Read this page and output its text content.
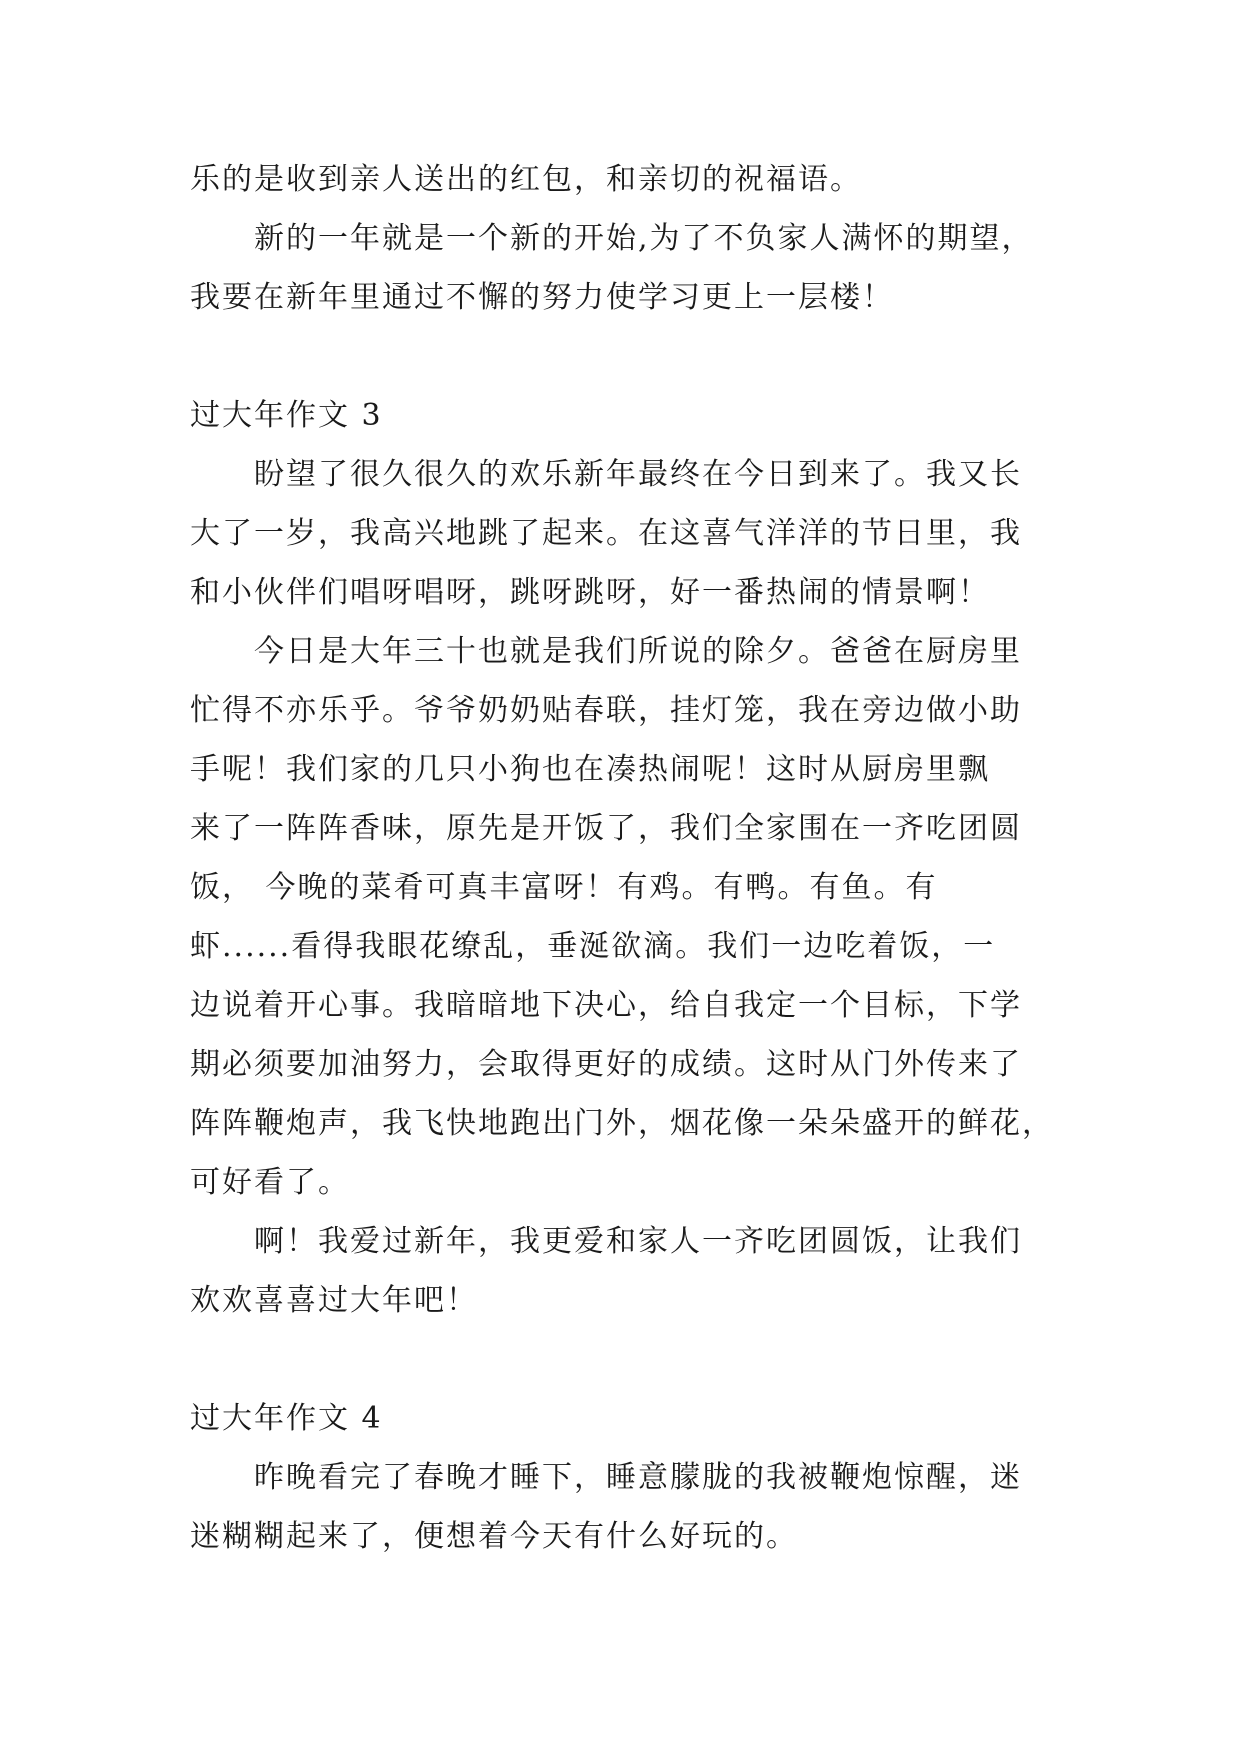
乐的是收到亲人送出的红包，和亲切的祝福语。

新的一年就是一个新的开始,为了不负家人满怀的期望，

我要在新年里通过不懈的努力使学习更上一层楼！

过大年作文 3

盼望了很久很久的欢乐新年最终在今日到来了。我又长

大了一岁，我高兴地跳了起来。在这喜气洋洋的节日里，我

和小伙伴们唱呀唱呀，跳呀跳呀，好一番热闹的情景啊！

今日是大年三十也就是我们所说的除夕。爸爸在厨房里

忙得不亦乐乎。爷爷奶奶贴春联，挂灯笼，我在旁边做小助

手呢！我们家的几只小狗也在凑热闹呢！这时从厨房里飘

来了一阵阵香味，原先是开饭了，我们全家围在一齐吃团圆

饭， 今晚的菜肴可真丰富呀！有鸡。有鸭。有鱼。有

虾......看得我眼花缭乱，垂涎欲滴。我们一边吃着饭，一

边说着开心事。我暗暗地下决心，给自我定一个目标，下学

期必须要加油努力，会取得更好的成绩。这时从门外传来了

阵阵鞭炮声，我飞快地跑出门外，烟花像一朵朵盛开的鲜花，

可好看了。

啊！我爱过新年，我更爱和家人一齐吃团圆饭，让我们

欢欢喜喜过大年吧！

过大年作文 4

昨晚看完了春晚才睡下，睡意朦胧的我被鞭炮惊醒，迷

迷糊糊起来了，便想着今天有什么好玩的。
